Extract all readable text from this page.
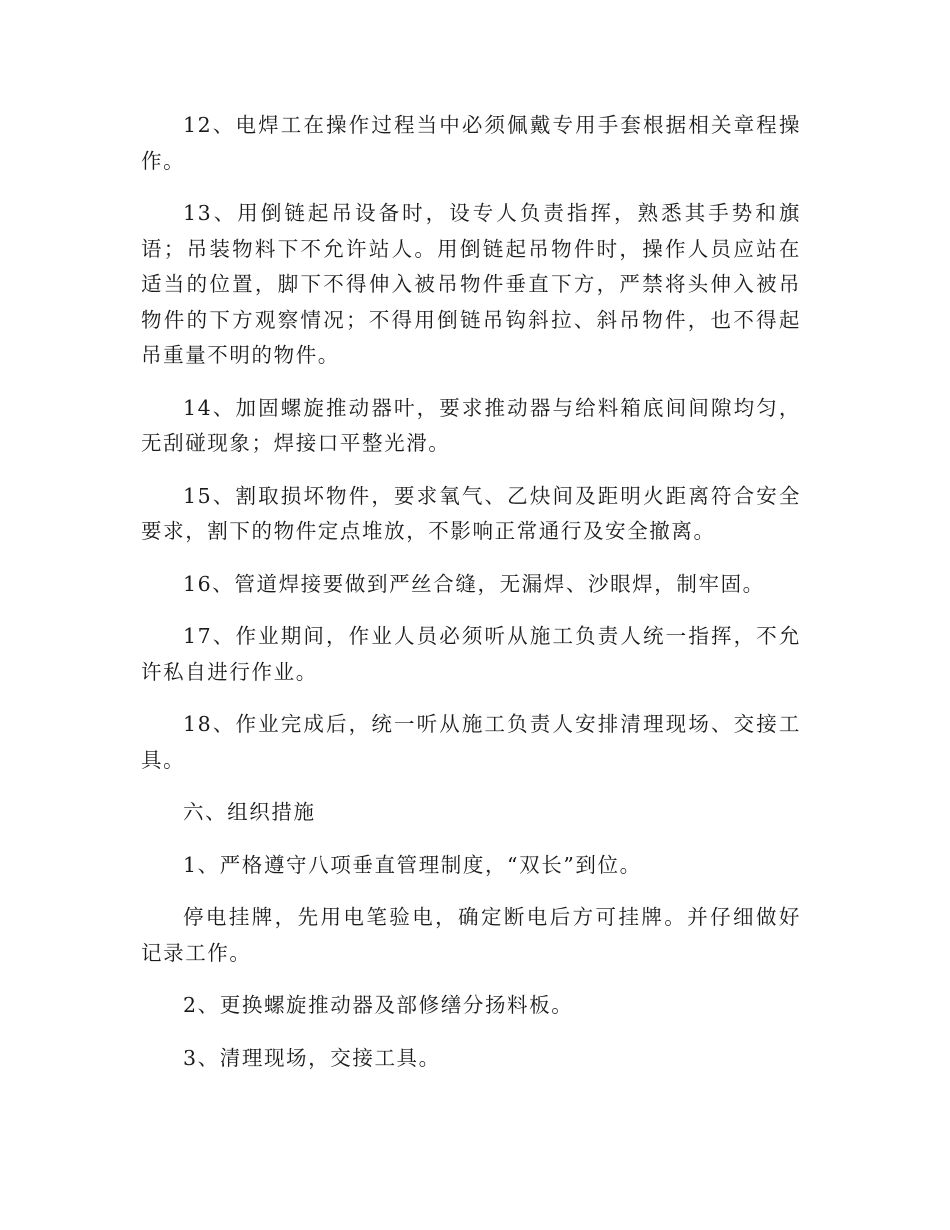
12、电焊工在操作过程当中必须佩戴专用手套根据相关章程操作。

13、用倒链起吊设备时，设专人负责指挥，熟悉其手势和旗语；吊装物料下不允许站人。用倒链起吊物件时，操作人员应站在适当的位置，脚下不得伸入被吊物件垂直下方，严禁将头伸入被吊物件的下方观察情况；不得用倒链吊钩斜拉、斜吊物件，也不得起吊重量不明的物件。

14、加固螺旋推动器叶，要求推动器与给料箱底间间隙均匀，无刮碰现象；焊接口平整光滑。

15、割取损坏物件，要求氧气、乙炔间及距明火距离符合安全要求，割下的物件定点堆放，不影响正常通行及安全撤离。

16、管道焊接要做到严丝合缝，无漏焊、沙眼焊，制牢固。

17、作业期间，作业人员必须听从施工负责人统一指挥，不允许私自进行作业。

18、作业完成后，统一听从施工负责人安排清理现场、交接工具。

六、组织措施

1、严格遵守八项垂直管理制度，“双长”到位。

停电挂牌，先用电笔验电，确定断电后方可挂牌。并仔细做好记录工作。

2、更换螺旋推动器及部修缮分扬料板。

3、清理现场，交接工具。
